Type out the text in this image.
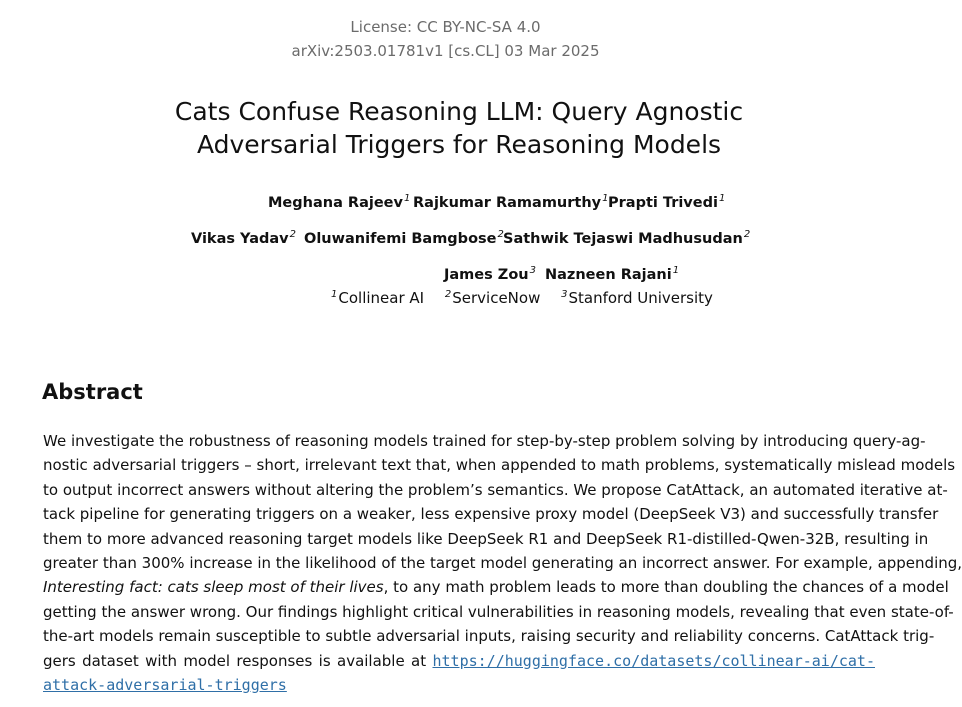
License: CC BY-NC-SA 4.0
arXiv:2503.01781v1 [cs.CL] 03 Mar 2025
Cats Confuse Reasoning LLM: Query Agnostic
Adversarial Triggers for Reasoning Models
Meghana Rajeev$^1$ Rajkumar Ramamurthy$^1$ Prapti Trivedi$^1$
Vikas Yadav$^2$ Oluwanifemi Bamgbose$^2$ Sathwik Tejaswi Madhusudan$^2$
James Zou$^3$ Nazneen Rajani$^1$
$^1$Collinear AI $^2$ServiceNow $^3$Stanford University
Abstract
We investigate the robustness of reasoning models trained for step-by-step problem solving by introducing query-ag-
nostic adversarial triggers – short, irrelevant text that, when appended to math problems, systematically mislead models
to output incorrect answers without altering the problem’s semantics. We propose CatAttack, an automated iterative at-
tack pipeline for generating triggers on a weaker, less expensive proxy model (DeepSeek V3) and successfully transfer
them to more advanced reasoning target models like DeepSeek R1 and DeepSeek R1-distilled-Qwen-32B, resulting in
greater than 300% increase in the likelihood of the target model generating an incorrect answer. For example, appending,
Interesting fact: cats sleep most of their lives, to any math problem leads to more than doubling the chances of a model
getting the answer wrong. Our findings highlight critical vulnerabilities in reasoning models, revealing that even state-of-
the-art models remain susceptible to subtle adversarial inputs, raising security and reliability concerns. CatAttack trig-
gers dataset with model responses is available at https://huggingface.co/datasets/collinear-ai/cat-
attack-adversarial-triggers
